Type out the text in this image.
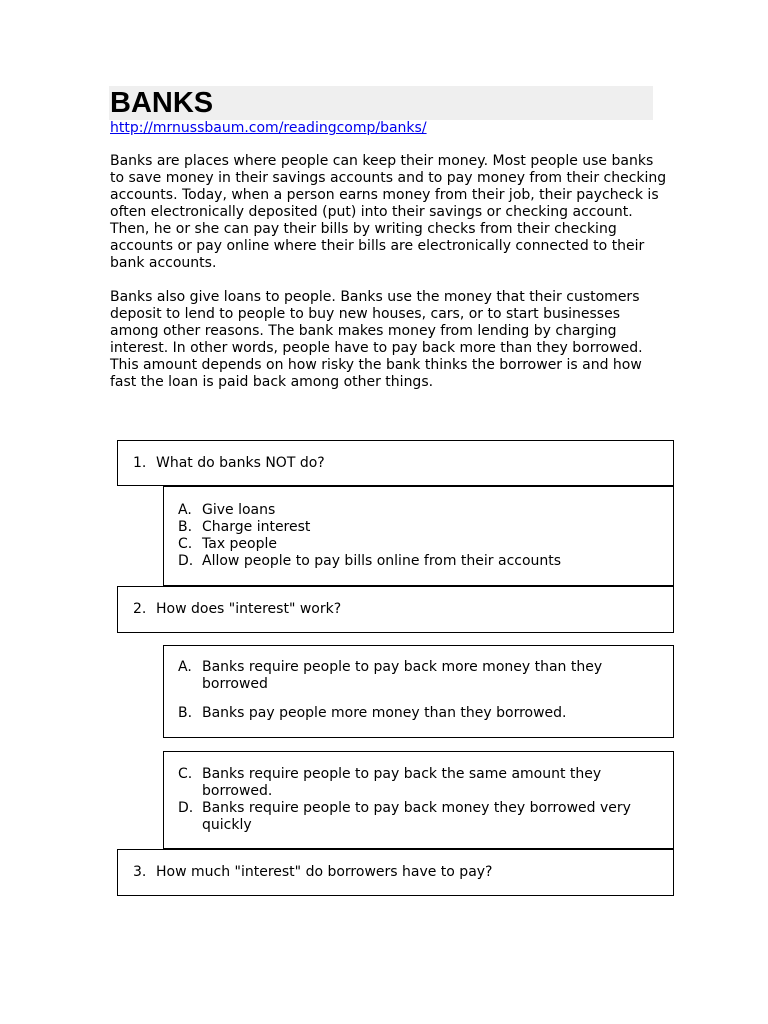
BANKS
http://mrnussbaum.com/readingcomp/banks/

Banks are places where people can keep their money. Most people use banks to save money in their savings accounts and to pay money from their checking accounts. Today, when a person earns money from their job, their paycheck is often electronically deposited (put) into their savings or checking account. Then, he or she can pay their bills by writing checks from their checking accounts or pay online where their bills are electronically connected to their bank accounts.

Banks also give loans to people. Banks use the money that their customers deposit to lend to people to buy new houses, cars, or to start businesses among other reasons. The bank makes money from lending by charging interest. In other words, people have to pay back more than they borrowed. This amount depends on how risky the bank thinks the borrower is and how fast the loan is paid back among other things.

1. What do banks NOT do?
A. Give loans
B. Charge interest
C. Tax people
D. Allow people to pay bills online from their accounts
2. How does "interest" work?
A. Banks require people to pay back more money than they borrowed
B. Banks pay people more money than they borrowed.
C. Banks require people to pay back the same amount they borrowed.
D. Banks require people to pay back money they borrowed very quickly
3. How much "interest" do borrowers have to pay?
